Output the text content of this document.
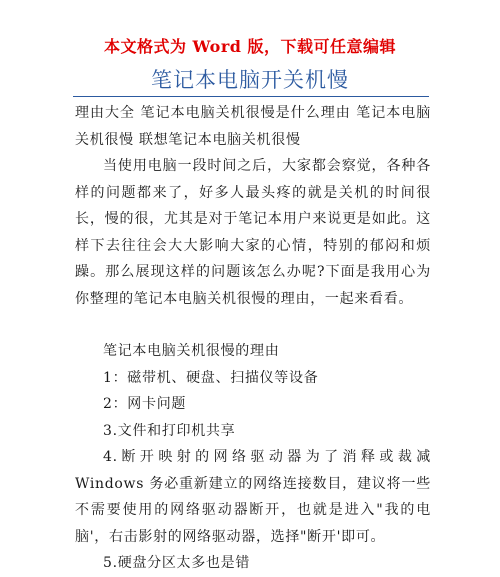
本文格式为 Word 版，下载可任意编辑
笔记本电脑开关机慢

理由大全 笔记本电脑关机很慢是什么理由 笔记本电脑关机很慢 联想笔记本电脑关机很慢

当使用电脑一段时间之后，大家都会察觉，各种各样的问题都来了，好多人最头疼的就是关机的时间很长，慢的很，尤其是对于笔记本用户来说更是如此。这样下去往往会大大影响大家的心情，特别的郁闷和烦躁。那么展现这样的问题该怎么办呢?下面是我用心为你整理的笔记本电脑关机很慢的理由，一起来看看。

笔记本电脑关机很慢的理由

1：磁带机、硬盘、扫描仪等设备

2：网卡问题

3.文件和打印机共享

4.断开映射的网络驱动器为了消释或裁减 Windows 务必重新建立的网络连接数目，建议将一些不需要使用的网络驱动器断开，也就是进入"我的电脑'，右击影射的网络驱动器，选择"断开'即可。

5.硬盘分区太多也是错
